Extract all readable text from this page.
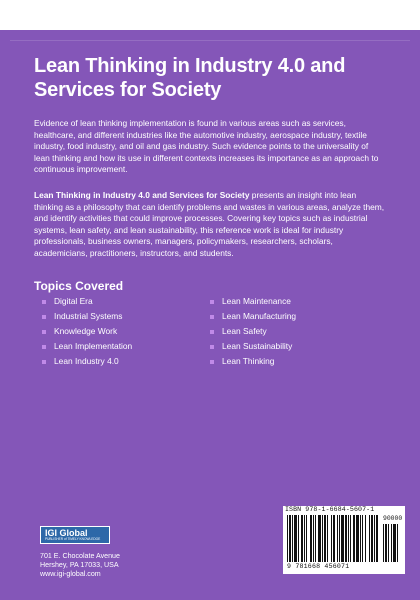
Lean Thinking in Industry 4.0 and
Services for Society

Evidence of lean thinking implementation is found in various areas such as services, healthcare, and different industries like the automotive industry, aerospace industry, textile industry, food industry, and oil and gas industry. Such evidence points to the universality of lean thinking and how its use in different contexts increases its importance as an approach to continuous improvement.

Lean Thinking in Industry 4.0 and Services for Society presents an insight into lean thinking as a philosophy that can identify problems and wastes in various areas, analyze them, and identify activities that could improve processes. Covering key topics such as industrial systems, lean safety, and lean sustainability, this reference work is ideal for industry professionals, business owners, managers, policymakers, researchers, scholars, academicians, practitioners, instructors, and students.

Topics Covered
Digital Era
Industrial Systems
Knowledge Work
Lean Implementation
Lean Industry 4.0
Lean Maintenance
Lean Manufacturing
Lean Safety
Lean Sustainability
Lean Thinking
IGI Global
PUBLISHER of TIMELY KNOWLEDGE
701 E. Chocolate Avenue
Hershey, PA 17033, USA
www.igi-global.com
ISBN 978-1-6684-5607-1
90000
9 781668 456071
